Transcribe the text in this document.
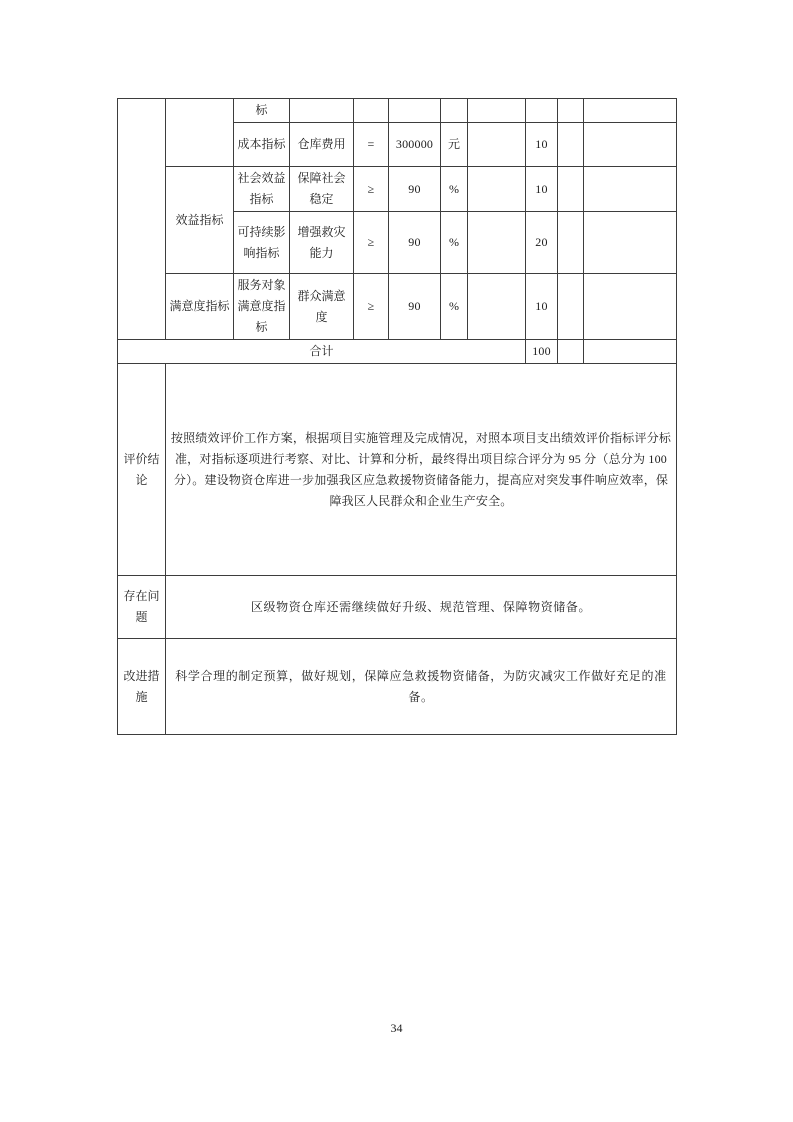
		标								
		成本指标	仓库费用	=	300000	元		10		
	效益指标	社会效益指标	保障社会稳定	≥	90	%		10		
		可持续影响指标	增强救灾能力	≥	90	%		20		
	满意度指标	服务对象满意度指标	群众满意度	≥	90	%		10		
合计								100		
评价结论	按照绩效评价工作方案，根据项目实施管理及完成情况，对照本项目支出绩效评价指标评分标准，对指标逐项进行考察、对比、计算和分析，最终得出项目综合评分为 95 分（总分为 100 分）。建设物资仓库进一步加强我区应急救援物资储备能力，提高应对突发事件响应效率，保障我区人民群众和企业生产安全。									
存在问题	区级物资仓库还需继续做好升级、规范管理、保障物资储备。									
改进措施	科学合理的制定预算，做好规划，保障应急救援物资储备，为防灾减灾工作做好充足的准备。									
34
